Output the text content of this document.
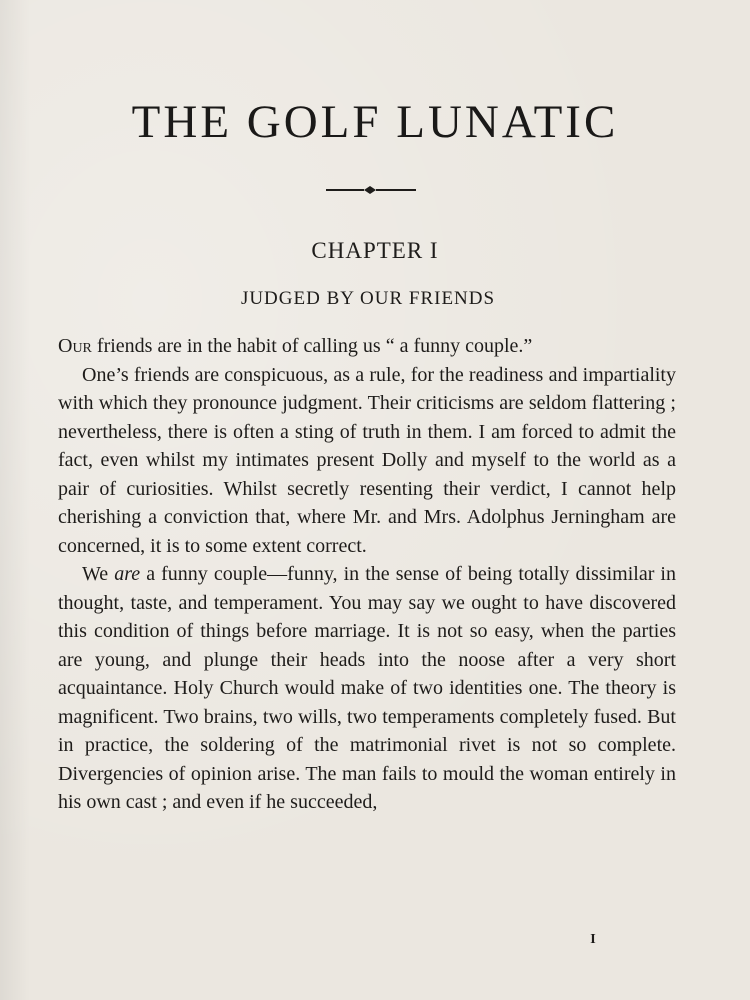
THE GOLF LUNATIC
CHAPTER I
JUDGED BY OUR FRIENDS

Our friends are in the habit of calling us “ a funny couple.”

One’s friends are conspicuous, as a rule, for the readiness and impartiality with which they pronounce judgment. Their criticisms are seldom flattering ; nevertheless, there is often a sting of truth in them. I am forced to admit the fact, even whilst my intimates present Dolly and myself to the world as a pair of curiosities. Whilst secretly resenting their verdict, I cannot help cherishing a conviction that, where Mr. and Mrs. Adolphus Jerningham are concerned, it is to some extent correct.

We are a funny couple—funny, in the sense of being totally dissimilar in thought, taste, and temperament. You may say we ought to have discovered this condition of things before marriage. It is not so easy, when the parties are young, and plunge their heads into the noose after a very short acquaintance. Holy Church would make of two identities one. The theory is magnificent. Two brains, two wills, two temperaments completely fused. But in practice, the soldering of the matrimonial rivet is not so complete. Divergencies of opinion arise. The man fails to mould the woman entirely in his own cast ; and even if he succeeded,

I
